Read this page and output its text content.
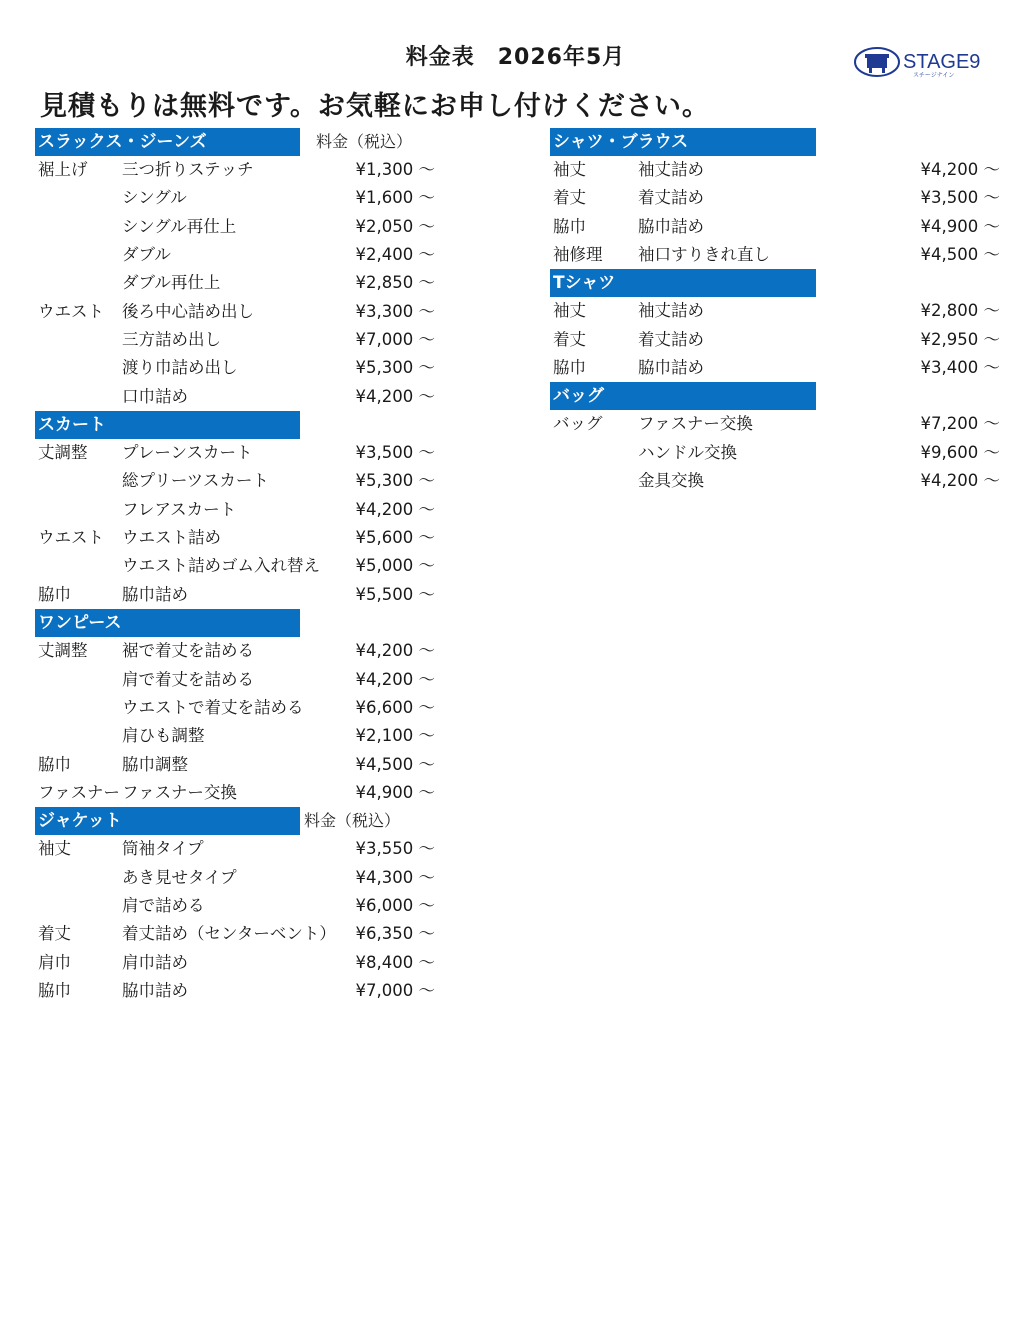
料金表　2026年5月	STAGE9
スチージナイン
見積もりは無料です。お気軽にお申し付けください。
スラックス・ジーンズ	料金（税込）
裾上げ	三つ折りステッチ	¥1,300 ～
シングル	¥1,600 ～
シングル再仕上	¥2,050 ～
ダブル	¥2,400 ～
ダブル再仕上	¥2,850 ～
ウエスト	後ろ中心詰め出し	¥3,300 ～
三方詰め出し	¥7,000 ～
渡り巾詰め出し	¥5,300 ～
口巾詰め	¥4,200 ～
スカート
丈調整	プレーンスカート	¥3,500 ～
総プリーツスカート	¥5,300 ～
フレアスカート	¥4,200 ～
ウエスト	ウエスト詰め	¥5,600 ～
ウエスト詰めゴム入れ替え	¥5,000 ～
脇巾	脇巾詰め	¥5,500 ～
ワンピース
丈調整	裾で着丈を詰める	¥4,200 ～
肩で着丈を詰める	¥4,200 ～
ウエストで着丈を詰める	¥6,600 ～
肩ひも調整	¥2,100 ～
脇巾	脇巾調整	¥4,500 ～
ファスナー ファスナー交換	¥4,900 ～
ジャケット	料金（税込）
袖丈	筒袖タイプ	¥3,550 ～
あき見せタイプ	¥4,300 ～
肩で詰める	¥6,000 ～
着丈	着丈詰め（センターベント）	¥6,350 ～
肩巾	肩巾詰め	¥8,400 ～
脇巾	脇巾詰め	¥7,000 ～
シャツ・ブラウス
袖丈	袖丈詰め	¥4,200 ～
着丈	着丈詰め	¥3,500 ～
脇巾	脇巾詰め	¥4,900 ～
袖修理	袖口すりきれ直し	¥4,500 ～
Tシャツ
袖丈	袖丈詰め	¥2,800 ～
着丈	着丈詰め	¥2,950 ～
脇巾	脇巾詰め	¥3,400 ～
バッグ
バッグ	ファスナー交換	¥7,200 ～
ハンドル交換	¥9,600 ～
金具交換	¥4,200 ～
